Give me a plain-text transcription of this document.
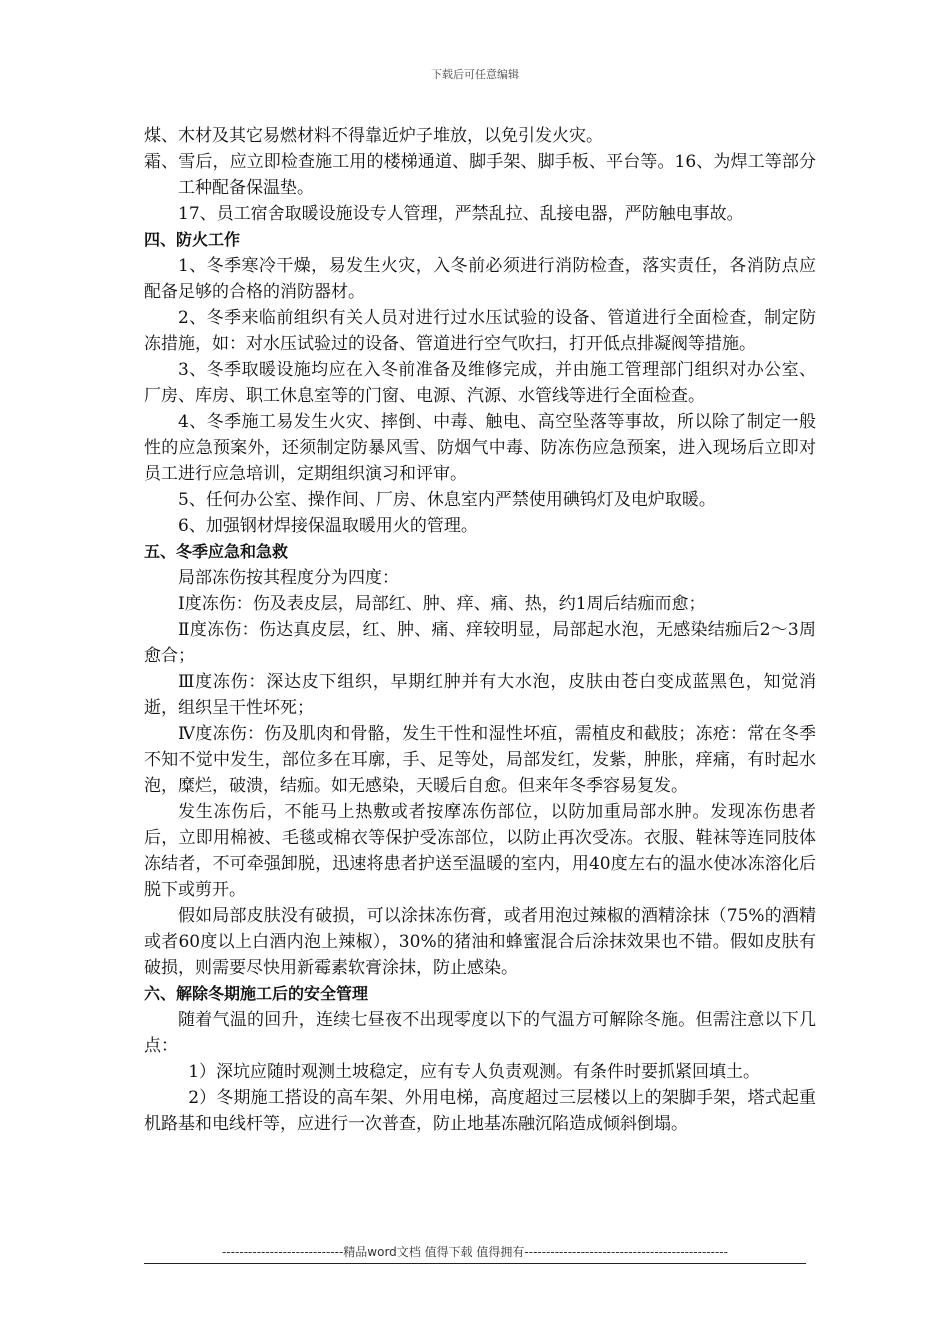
下载后可任意编辑

煤、木材及其它易燃材料不得靠近炉子堆放，以免引发火灾。

霜、雪后，应立即检查施工用的楼梯通道、脚手架、脚手板、平台等。16、为焊工等部分工种配备保温垫。

17、员工宿舍取暖设施设专人管理，严禁乱拉、乱接电器，严防触电事故。

四、防火工作

1、冬季寒冷干燥，易发生火灾，入冬前必须进行消防检查，落实责任，各消防点应配备足够的合格的消防器材。

2、冬季来临前组织有关人员对进行过水压试验的设备、管道进行全面检查，制定防冻措施，如：对水压试验过的设备、管道进行空气吹扫，打开低点排凝阀等措施。

3、冬季取暖设施均应在入冬前准备及维修完成，并由施工管理部门组织对办公室、厂房、库房、职工休息室等的门窗、电源、汽源、水管线等进行全面检查。

4、冬季施工易发生火灾、摔倒、中毒、触电、高空坠落等事故，所以除了制定一般性的应急预案外，还须制定防暴风雪、防烟气中毒、防冻伤应急预案，进入现场后立即对员工进行应急培训，定期组织演习和评审。

5、任何办公室、操作间、厂房、休息室内严禁使用碘钨灯及电炉取暖。

6、加强钢材焊接保温取暖用火的管理。

五、冬季应急和急救

局部冻伤按其程度分为四度：

Ⅰ度冻伤：伤及表皮层，局部红、肿、痒、痛、热，约1周后结痂而愈；

Ⅱ度冻伤：伤达真皮层，红、肿、痛、痒较明显，局部起水泡，无感染结痂后2～3周愈合；

Ⅲ度冻伤：深达皮下组织，早期红肿并有大水泡，皮肤由苍白变成蓝黑色，知觉消逝，组织呈干性坏死；

Ⅳ度冻伤：伤及肌肉和骨骼，发生干性和湿性坏疽，需植皮和截肢；冻疮：常在冬季不知不觉中发生，部位多在耳廓，手、足等处，局部发红，发紫，肿胀，痒痛，有时起水泡，糜烂，破溃，结痂。如无感染，天暖后自愈。但来年冬季容易复发。

发生冻伤后，不能马上热敷或者按摩冻伤部位，以防加重局部水肿。发现冻伤患者后，立即用棉被、毛毯或棉衣等保护受冻部位，以防止再次受冻。衣服、鞋袜等连同肢体冻结者，不可牵强卸脱，迅速将患者护送至温暖的室内，用40度左右的温水使冰冻溶化后脱下或剪开。

假如局部皮肤没有破损，可以涂抹冻伤膏，或者用泡过辣椒的酒精涂抹（75%的酒精或者60度以上白酒内泡上辣椒），30%的猪油和蜂蜜混合后涂抹效果也不错。假如皮肤有破损，则需要尽快用新霉素软膏涂抹，防止感染。

六、解除冬期施工后的安全管理

随着气温的回升，连续七昼夜不出现零度以下的气温方可解除冬施。但需注意以下几点：

1）深坑应随时观测土坡稳定，应有专人负责观测。有条件时要抓紧回填土。

2）冬期施工搭设的高车架、外用电梯，高度超过三层楼以上的架脚手架，塔式起重机路基和电线杆等，应进行一次普查，防止地基冻融沉陷造成倾斜倒塌。

----------------------------精品word文档 值得下载 值得拥有-----------------------------------------------
